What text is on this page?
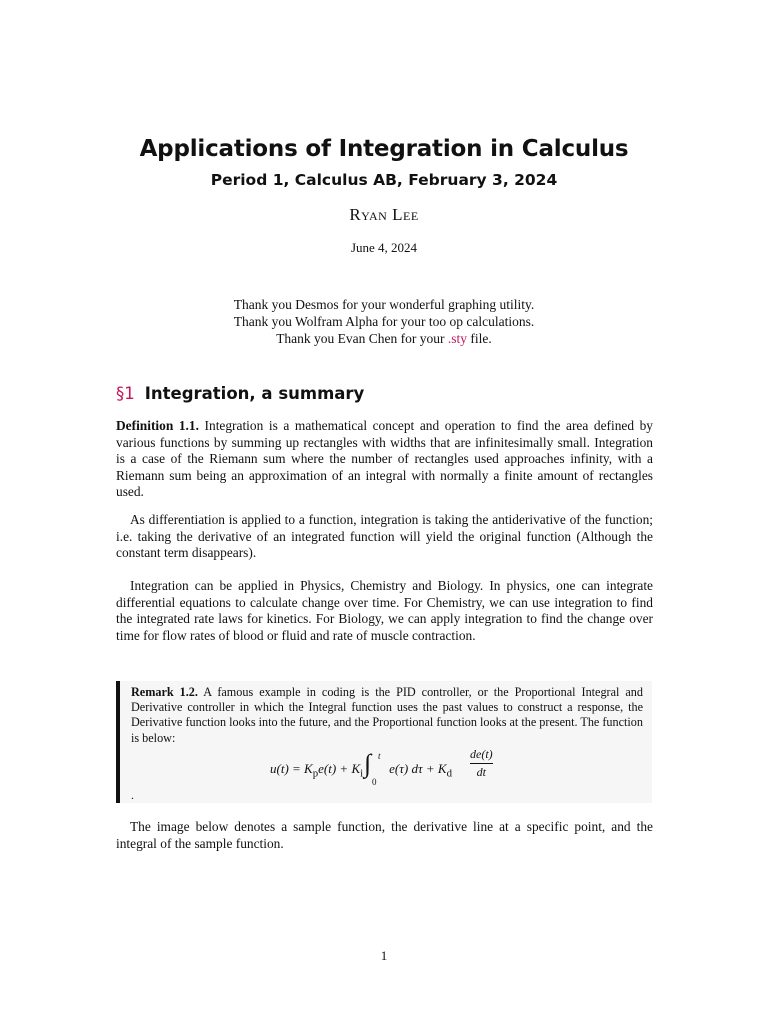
Applications of Integration in Calculus
Period 1, Calculus AB, February 3, 2024
Ryan Lee
June 4, 2024
Thank you Desmos for your wonderful graphing utility.
Thank you Wolfram Alpha for your too op calculations.
Thank you Evan Chen for your .sty file.
§1 Integration, a summary
Definition 1.1. Integration is a mathematical concept and operation to find the area defined by various functions by summing up rectangles with widths that are infinitesimally small. Integration is a case of the Riemann sum where the number of rectangles used approaches infinity, with a Riemann sum being an approximation of an integral with normally a finite amount of rectangles used.
As differentiation is applied to a function, integration is taking the antiderivative of the function; i.e. taking the derivative of an integrated function will yield the original function (Although the constant term disappears).
Integration can be applied in Physics, Chemistry and Biology. In physics, one can integrate differential equations to calculate change over time. For Chemistry, we can use integration to find the integrated rate laws for kinetics. For Biology, we can apply integration to find the change over time for flow rates of blood or fluid and rate of muscle contraction.
Remark 1.2. A famous example in coding is the PID controller, or the Proportional Integral and Derivative controller in which the Integral function uses the past values to construct a response, the Derivative function looks into the future, and the Proportional function looks at the present. The function is below:
$u(t) = K_pe(t) + K_i$ e(τ) $d\tau + K_d$
∫ t
0
de(t)
dt
.
The image below denotes a sample function, the derivative line at a specific point, and the integral of the sample function.
1
